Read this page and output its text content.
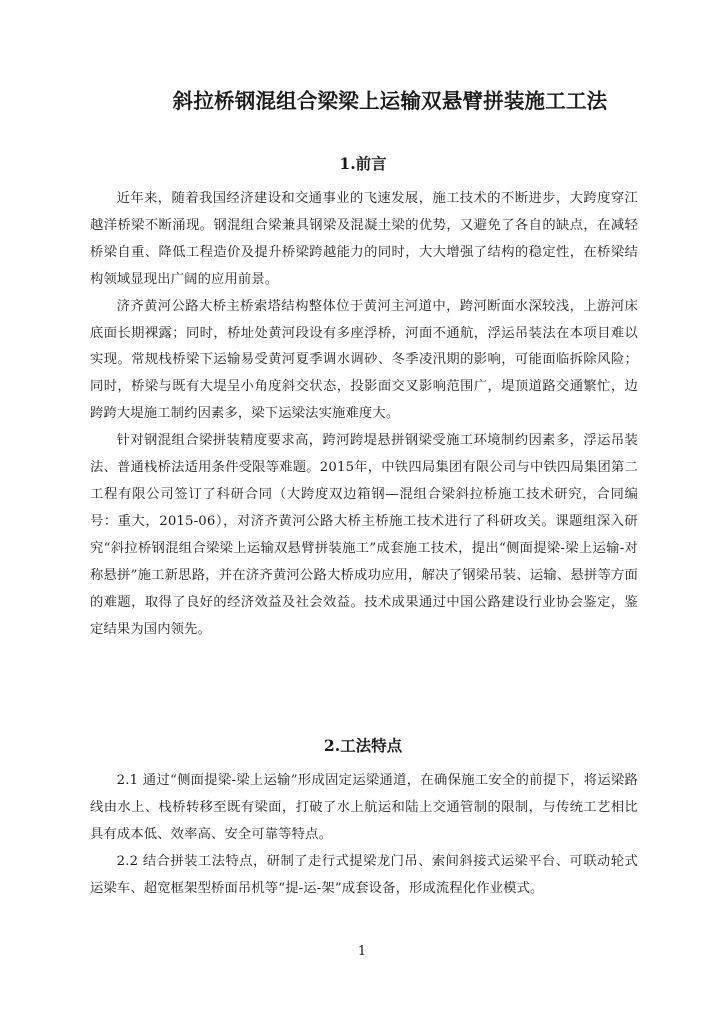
斜拉桥钢混组合梁梁上运输双悬臂拼装施工工法
1.前言

近年来，随着我国经济建设和交通事业的飞速发展，施工技术的不断进步，大跨度穿江越洋桥梁不断涌现。钢混组合梁兼具钢梁及混凝土梁的优势，又避免了各自的缺点，在减轻桥梁自重、降低工程造价及提升桥梁跨越能力的同时，大大增强了结构的稳定性，在桥梁结构领域显现出广阔的应用前景。

济齐黄河公路大桥主桥索塔结构整体位于黄河主河道中，跨河断面水深较浅，上游河床底面长期裸露；同时，桥址处黄河段设有多座浮桥，河面不通航，浮运吊装法在本项目难以实现。常规栈桥梁下运输易受黄河夏季调水调砂、冬季凌汛期的影响，可能面临拆除风险；同时，桥梁与既有大堤呈小角度斜交状态，投影面交叉影响范围广，堤顶道路交通繁忙，边跨跨大堤施工制约因素多，梁下运梁法实施难度大。

针对钢混组合梁拼装精度要求高，跨河跨堤悬拼钢梁受施工环境制约因素多，浮运吊装法、普通栈桥法适用条件受限等难题。2015年，中铁四局集团有限公司与中铁四局集团第二工程有限公司签订了科研合同（大跨度双边箱钢—混组合梁斜拉桥施工技术研究，合同编号：重大，2015-06），对济齐黄河公路大桥主桥施工技术进行了科研攻关。课题组深入研究“斜拉桥钢混组合梁梁上运输双悬臂拼装施工”成套施工技术，提出“侧面提梁-梁上运输-对称悬拼”施工新思路，并在济齐黄河公路大桥成功应用，解决了钢梁吊装、运输、悬拼等方面的难题，取得了良好的经济效益及社会效益。技术成果通过中国公路建设行业协会鉴定，鉴定结果为国内领先。

2.工法特点

2.1 通过“侧面提梁-梁上运输”形成固定运梁通道，在确保施工安全的前提下，将运梁路线由水上、栈桥转移至既有梁面，打破了水上航运和陆上交通管制的限制，与传统工艺相比具有成本低、效率高、安全可靠等特点。

2.2 结合拼装工法特点，研制了走行式提梁龙门吊、索间斜接式运梁平台、可联动轮式运梁车、超宽框架型桥面吊机等“提-运-架”成套设备，形成流程化作业模式。

1
